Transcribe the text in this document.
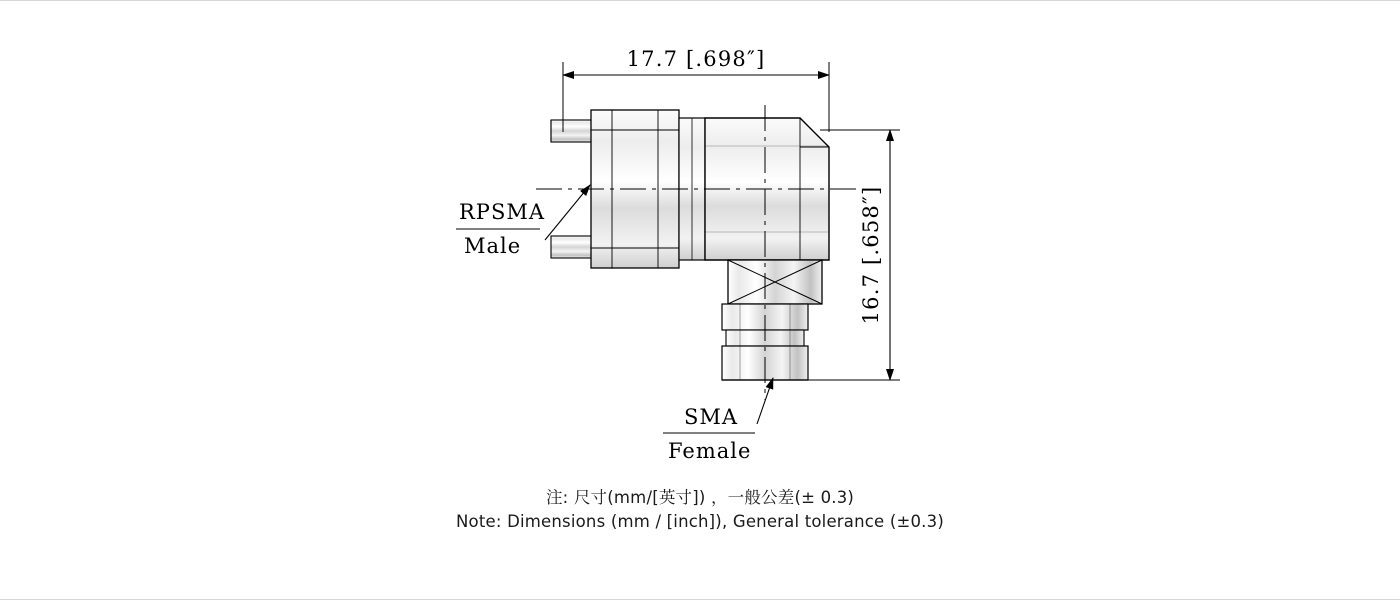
17.7 [.698″]
16.7 [.658″]
RPSMA
Male
SMA
Female
注: 尺寸(mm/[英寸]) ，一般公差(± 0.3)
Note: Dimensions (mm / [inch]), General tolerance (±0.3)
